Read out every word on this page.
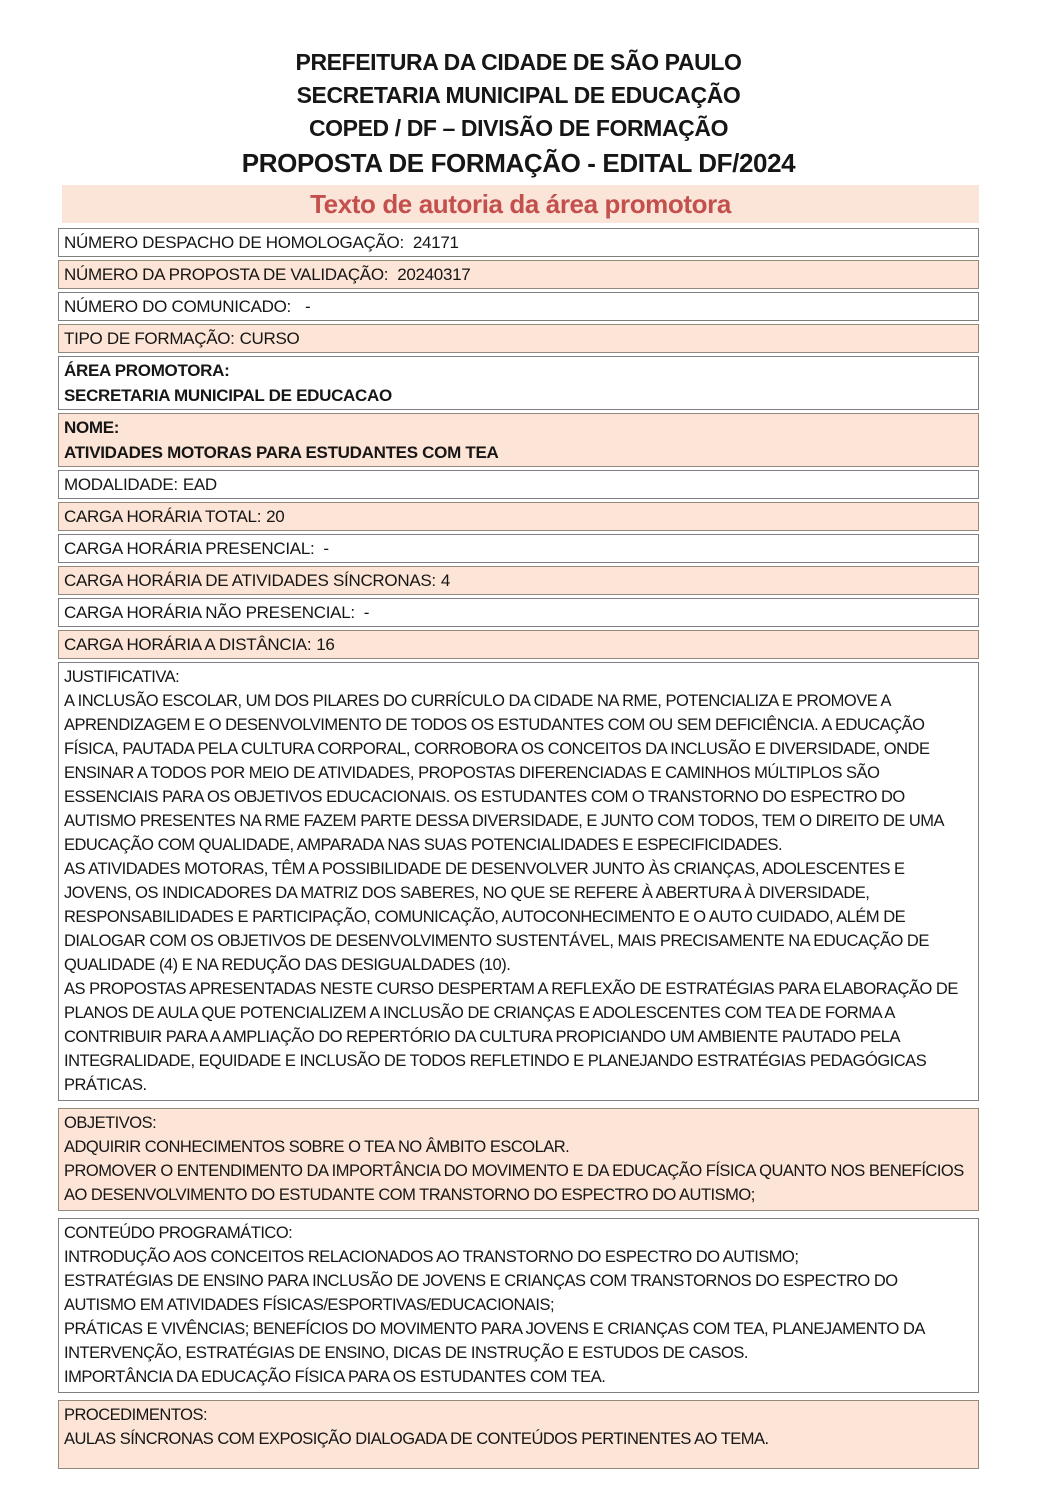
PREFEITURA DA CIDADE DE SÃO PAULO
SECRETARIA MUNICIPAL DE EDUCAÇÃO
COPED / DF – DIVISÃO DE FORMAÇÃO
PROPOSTA DE FORMAÇÃO - EDITAL DF/2024
Texto de autoria da área promotora
NÚMERO DESPACHO DE HOMOLOGAÇÃO: 24171
NÚMERO DA PROPOSTA DE VALIDAÇÃO: 20240317
NÚMERO DO COMUNICADO: -
TIPO DE FORMAÇÃO: CURSO
ÁREA PROMOTORA:
SECRETARIA MUNICIPAL DE EDUCACAO
NOME:
ATIVIDADES MOTORAS PARA ESTUDANTES COM TEA
MODALIDADE: EAD
CARGA HORÁRIA TOTAL: 20
CARGA HORÁRIA PRESENCIAL: -
CARGA HORÁRIA DE ATIVIDADES SÍNCRONAS: 4
CARGA HORÁRIA NÃO PRESENCIAL: -
CARGA HORÁRIA A DISTÂNCIA: 16
JUSTIFICATIVA:

A INCLUSÃO ESCOLAR, UM DOS PILARES DO CURRÍCULO DA CIDADE NA RME, POTENCIALIZA E PROMOVE A APRENDIZAGEM E O DESENVOLVIMENTO DE TODOS OS ESTUDANTES COM OU SEM DEFICIÊNCIA. A EDUCAÇÃO FÍSICA, PAUTADA PELA CULTURA CORPORAL, CORROBORA OS CONCEITOS DA INCLUSÃO E DIVERSIDADE, ONDE ENSINAR A TODOS POR MEIO DE ATIVIDADES, PROPOSTAS DIFERENCIADAS E CAMINHOS MÚLTIPLOS SÃO ESSENCIAIS PARA OS OBJETIVOS EDUCACIONAIS. OS ESTUDANTES COM O TRANSTORNO DO ESPECTRO DO AUTISMO PRESENTES NA RME FAZEM PARTE DESSA DIVERSIDADE, E JUNTO COM TODOS, TEM O DIREITO DE UMA EDUCAÇÃO COM QUALIDADE, AMPARADA NAS SUAS POTENCIALIDADES E ESPECIFICIDADES.

AS ATIVIDADES MOTORAS, TÊM A POSSIBILIDADE DE DESENVOLVER JUNTO ÀS CRIANÇAS, ADOLESCENTES E JOVENS, OS INDICADORES DA MATRIZ DOS SABERES, NO QUE SE REFERE À ABERTURA À DIVERSIDADE, RESPONSABILIDADES E PARTICIPAÇÃO, COMUNICAÇÃO, AUTOCONHECIMENTO E O AUTO CUIDADO, ALÉM DE DIALOGAR COM OS OBJETIVOS DE DESENVOLVIMENTO SUSTENTÁVEL, MAIS PRECISAMENTE NA EDUCAÇÃO DE QUALIDADE (4) E NA REDUÇÃO DAS DESIGUALDADES (10).

AS PROPOSTAS APRESENTADAS NESTE CURSO DESPERTAM A REFLEXÃO DE ESTRATÉGIAS PARA ELABORAÇÃO DE PLANOS DE AULA QUE POTENCIALIZEM A INCLUSÃO DE CRIANÇAS E ADOLESCENTES COM TEA DE FORMA A CONTRIBUIR PARA A AMPLIAÇÃO DO REPERTÓRIO DA CULTURA PROPICIANDO UM AMBIENTE PAUTADO PELA INTEGRALIDADE, EQUIDADE E INCLUSÃO DE TODOS REFLETINDO E PLANEJANDO ESTRATÉGIAS PEDAGÓGICAS PRÁTICAS.

OBJETIVOS:

ADQUIRIR CONHECIMENTOS SOBRE O TEA NO ÂMBITO ESCOLAR.

PROMOVER O ENTENDIMENTO DA IMPORTÂNCIA DO MOVIMENTO E DA EDUCAÇÃO FÍSICA QUANTO NOS BENEFÍCIOS AO DESENVOLVIMENTO DO ESTUDANTE COM TRANSTORNO DO ESPECTRO DO AUTISMO;

CONTEÚDO PROGRAMÁTICO:

INTRODUÇÃO AOS CONCEITOS RELACIONADOS AO TRANSTORNO DO ESPECTRO DO AUTISMO;

ESTRATÉGIAS DE ENSINO PARA INCLUSÃO DE JOVENS E CRIANÇAS COM TRANSTORNOS DO ESPECTRO DO AUTISMO EM ATIVIDADES FÍSICAS/ESPORTIVAS/EDUCACIONAIS;

PRÁTICAS E VIVÊNCIAS; BENEFÍCIOS DO MOVIMENTO PARA JOVENS E CRIANÇAS COM TEA, PLANEJAMENTO DA INTERVENÇÃO, ESTRATÉGIAS DE ENSINO, DICAS DE INSTRUÇÃO E ESTUDOS DE CASOS.

IMPORTÂNCIA DA EDUCAÇÃO FÍSICA PARA OS ESTUDANTES COM TEA.

PROCEDIMENTOS:

AULAS SÍNCRONAS COM EXPOSIÇÃO DIALOGADA DE CONTEÚDOS PERTINENTES AO TEMA.
